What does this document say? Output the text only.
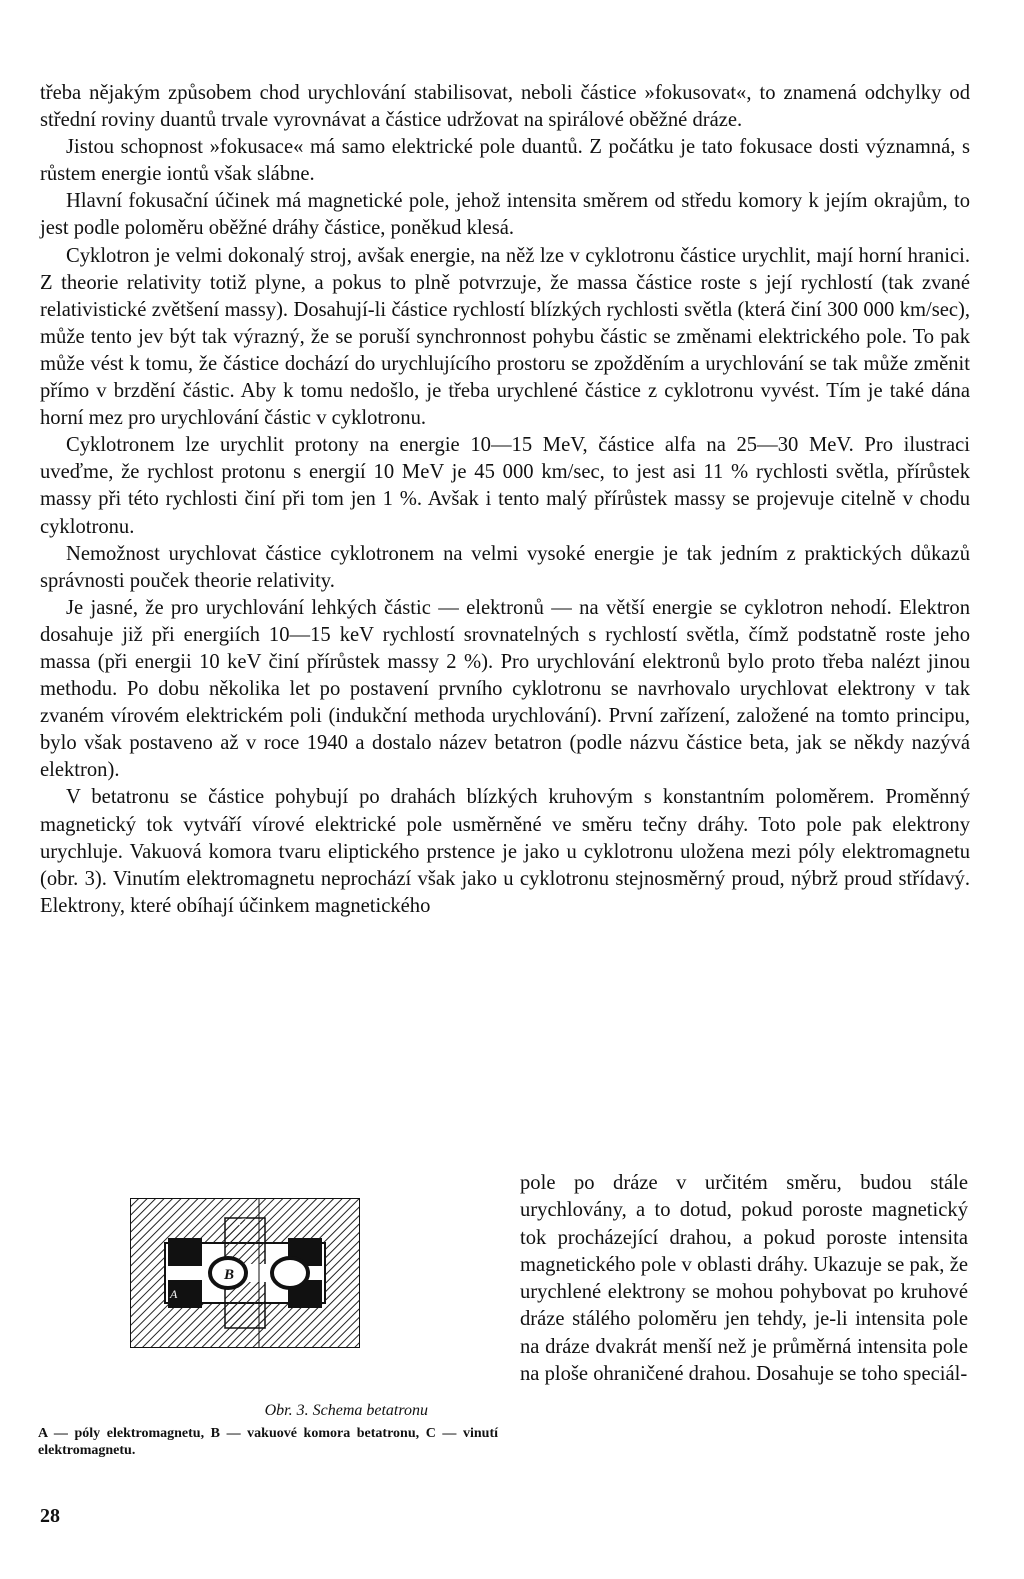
třeba nějakým způsobem chod urychlování stabilisovat, neboli částice »fokusovat«, to znamená odchylky od střední roviny duantů trvale vyrovnávat a částice udržovat na spirálové oběžné dráze.

Jistou schopnost »fokusace« má samo elektrické pole duantů. Z počátku je tato fokusace dosti významná, s růstem energie iontů však slábne.

Hlavní fokusační účinek má magnetické pole, jehož intensita směrem od středu komory k jejím okrajům, to jest podle poloměru oběžné dráhy částice, poněkud klesá.

Cyklotron je velmi dokonalý stroj, avšak energie, na něž lze v cyklotronu částice urychlit, mají horní hranici. Z theorie relativity totiž plyne, a pokus to plně potvrzuje, že massa částice roste s její rychlostí (tak zvané relativistické zvětšení massy). Dosahují-li částice rychlostí blízkých rychlosti světla (která činí 300 000 km/sec), může tento jev být tak výrazný, že se poruší synchronnost pohybu částic se změnami elektrického pole. To pak může vést k tomu, že částice dochází do urychlujícího prostoru se zpožděním a urychlování se tak může změnit přímo v brzdění částic. Aby k tomu nedošlo, je třeba urychlené částice z cyklotronu vyvést. Tím je také dána horní mez pro urychlování částic v cyklotronu.

Cyklotronem lze urychlit protony na energie 10—15 MeV, částice alfa na 25—30 MeV. Pro ilustraci uveďme, že rychlost protonu s energií 10 MeV je 45 000 km/sec, to jest asi 11 % rychlosti světla, přírůstek massy při této rychlosti činí při tom jen 1 %. Avšak i tento malý přírůstek massy se projevuje citelně v chodu cyklotronu.

Nemožnost urychlovat částice cyklotronem na velmi vysoké energie je tak jedním z praktických důkazů správnosti pouček theorie relativity.

Je jasné, že pro urychlování lehkých částic — elektronů — na větší energie se cyklotron nehodí. Elektron dosahuje již při energiích 10—15 keV rychlostí srovnatelných s rychlostí světla, čímž podstatně roste jeho massa (při energii 10 keV činí přírůstek massy 2 %). Pro urychlování elektronů bylo proto třeba nalézt jinou methodu. Po dobu několika let po postavení prvního cyklotronu se navrhovalo urychlovat elektrony v tak zvaném vírovém elektrickém poli (indukční methoda urychlování). První zařízení, založené na tomto principu, bylo však postaveno až v roce 1940 a dostalo název betatron (podle názvu částice beta, jak se někdy nazývá elektron).

V betatronu se částice pohybují po drahách blízkých kruhovým s konstantním poloměrem. Proměnný magnetický tok vytváří vírové elektrické pole usměrněné ve směru tečny dráhy. Toto pole pak elektrony urychluje. Vakuová komora tvaru eliptického prstence je jako u cyklotronu uložena mezi póly elektromagnetu (obr. 3). Vinutím elektromagnetu neprochází však jako u cyklotronu stejnosměrný proud, nýbrž proud střídavý. Elektrony, které obíhají účinkem magnetického

pole po dráze v určitém směru, budou stále urychlovány, a to dotud, pokud poroste magnetický tok procházející drahou, a pokud poroste intensita magnetického pole v oblasti dráhy. Ukazuje se pak, že urychlené elektrony se mohou pohybovat po kruhové dráze stálého poloměru jen tehdy, je-li intensita pole na dráze dvakrát menší než je průměrná intensita pole na ploše ohraničené drahou. Dosahuje se toho speciál-
B
A
C
Obr. 3. Schema betatronu
A — póly elektromagnetu, B — vakuové komora betatronu, C — vinutí elektromagnetu.
28
